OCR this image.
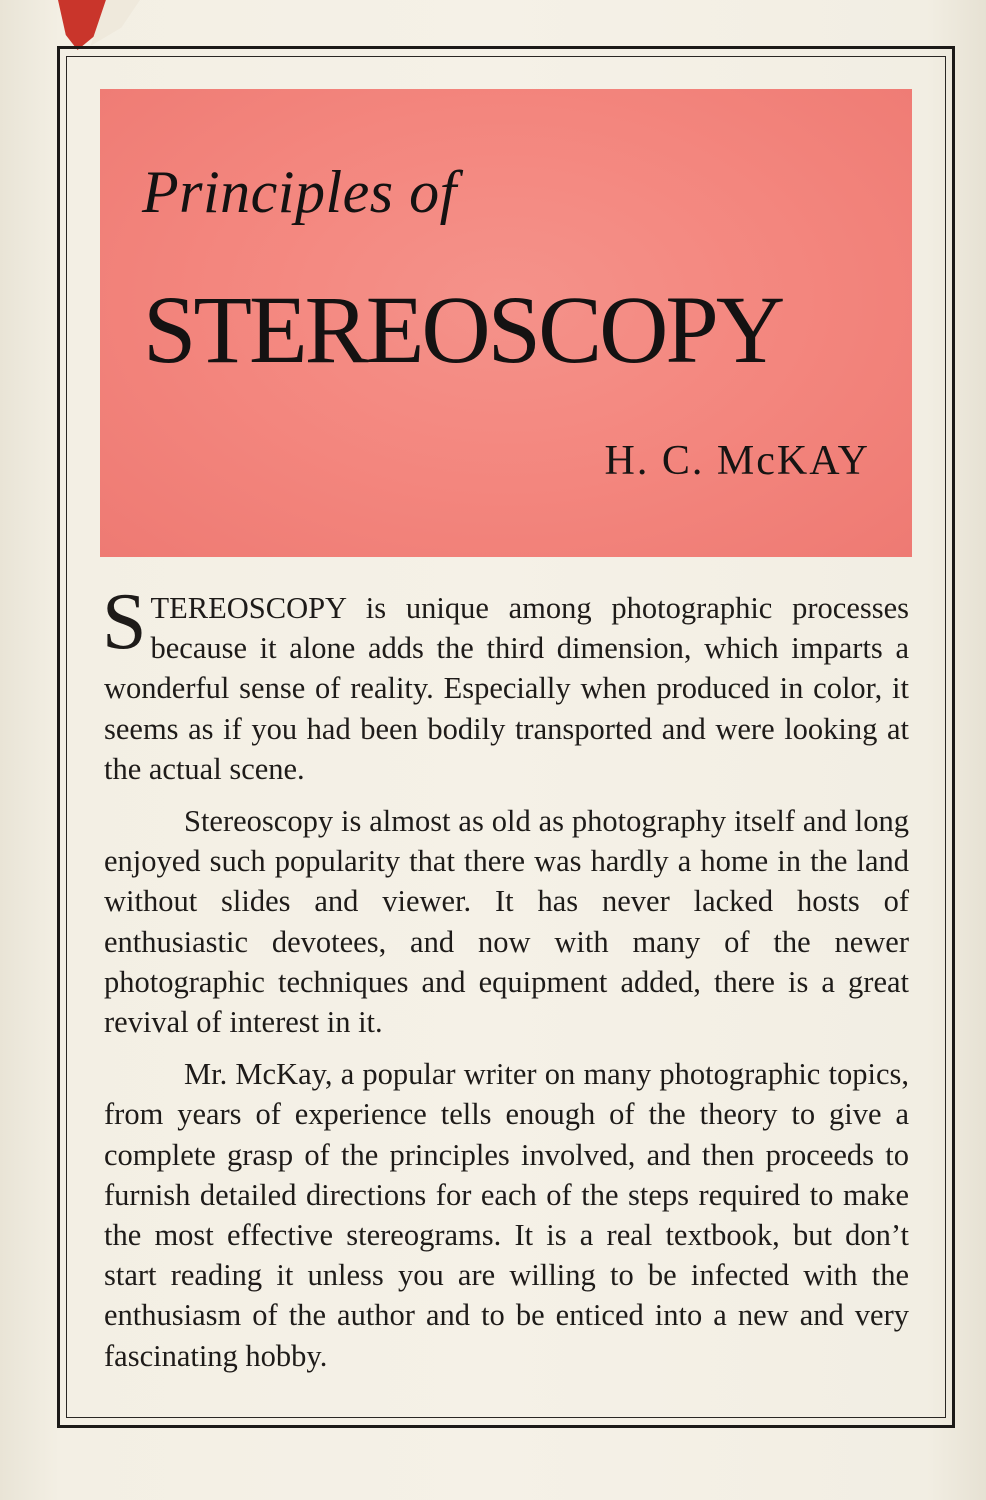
Principles of
STEREOSCOPY
H. C. McKAY

STEREOSCOPY is unique among photographic processes because it alone adds the third dimension, which imparts a wonderful sense of reality. Especially when produced in color, it seems as if you had been bodily transported and were looking at the actual scene.

Stereoscopy is almost as old as photography itself and long enjoyed such popularity that there was hardly a home in the land without slides and viewer. It has never lacked hosts of enthusiastic devotees, and now with many of the newer photographic techniques and equipment added, there is a great revival of interest in it.

Mr. McKay, a popular writer on many photographic topics, from years of experience tells enough of the theory to give a complete grasp of the principles involved, and then proceeds to furnish detailed directions for each of the steps required to make the most effective stereograms. It is a real textbook, but don’t start reading it unless you are willing to be infected with the enthusiasm of the author and to be enticed into a new and very fascinating hobby.
